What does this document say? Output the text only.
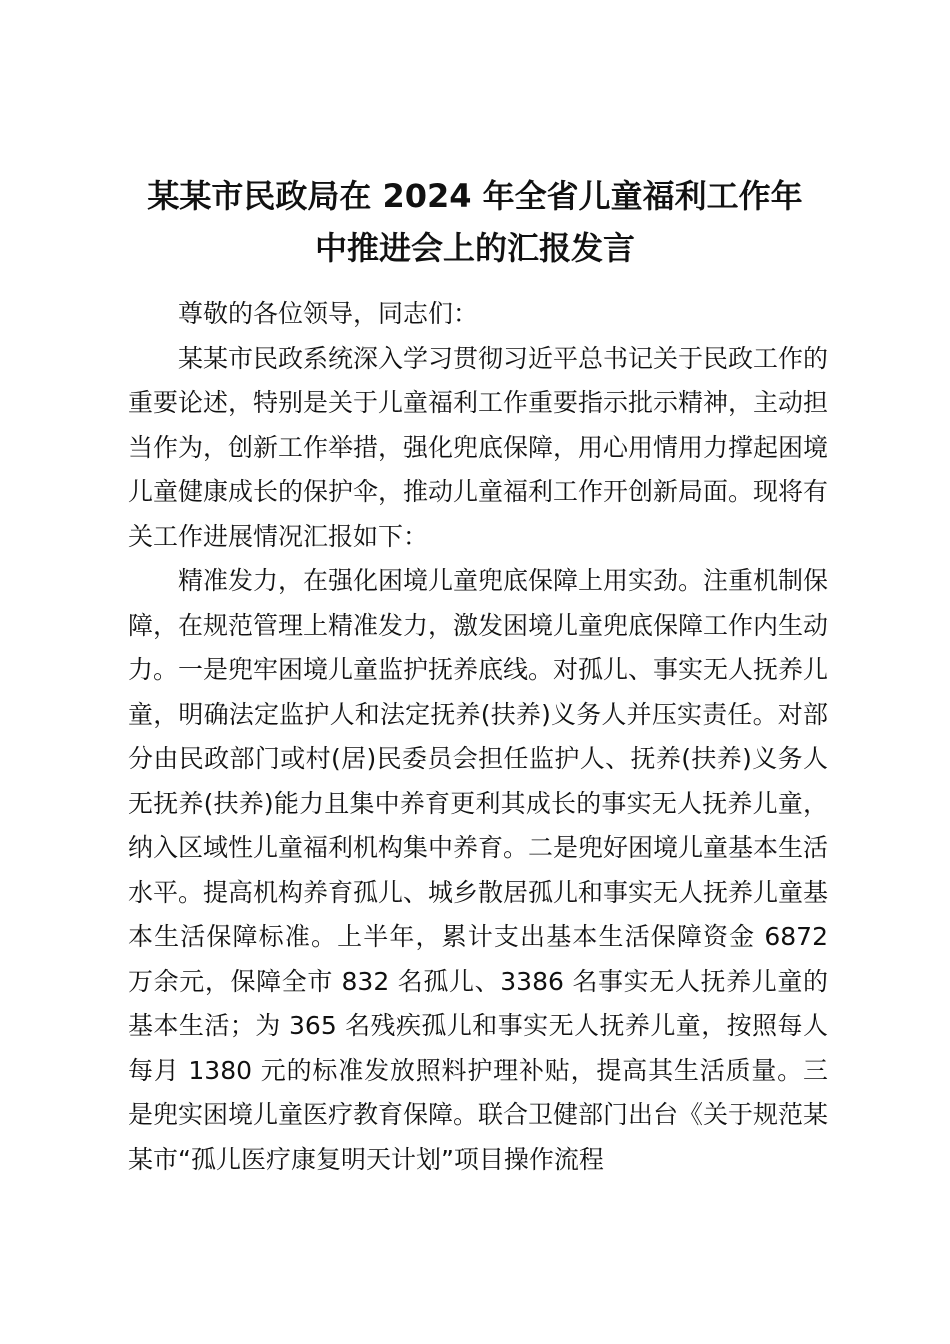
某某市民政局在 2024 年全省儿童福利工作年
中推进会上的汇报发言

尊敬的各位领导，同志们：

某某市民政系统深入学习贯彻习近平总书记关于民政工作的重要论述，特别是关于儿童福利工作重要指示批示精神，主动担当作为，创新工作举措，强化兜底保障，用心用情用力撑起困境儿童健康成长的保护伞，推动儿童福利工作开创新局面。现将有关工作进展情况汇报如下：

精准发力，在强化困境儿童兜底保障上用实劲。注重机制保障，在规范管理上精准发力，激发困境儿童兜底保障工作内生动力。一是兜牢困境儿童监护抚养底线。对孤儿、事实无人抚养儿童，明确法定监护人和法定抚养(扶养)义务人并压实责任。对部分由民政部门或村(居)民委员会担任监护人、抚养(扶养)义务人无抚养(扶养)能力且集中养育更利其成长的事实无人抚养儿童，纳入区域性儿童福利机构集中养育。二是兜好困境儿童基本生活水平。提高机构养育孤儿、城乡散居孤儿和事实无人抚养儿童基本生活保障标准。上半年，累计支出基本生活保障资金 6872 万余元，保障全市 832 名孤儿、3386 名事实无人抚养儿童的基本生活；为 365 名残疾孤儿和事实无人抚养儿童，按照每人每月 1380 元的标准发放照料护理补贴，提高其生活质量。三是兜实困境儿童医疗教育保障。联合卫健部门出台《关于规范某某市“孤儿医疗康复明天计划”项目操作流程
